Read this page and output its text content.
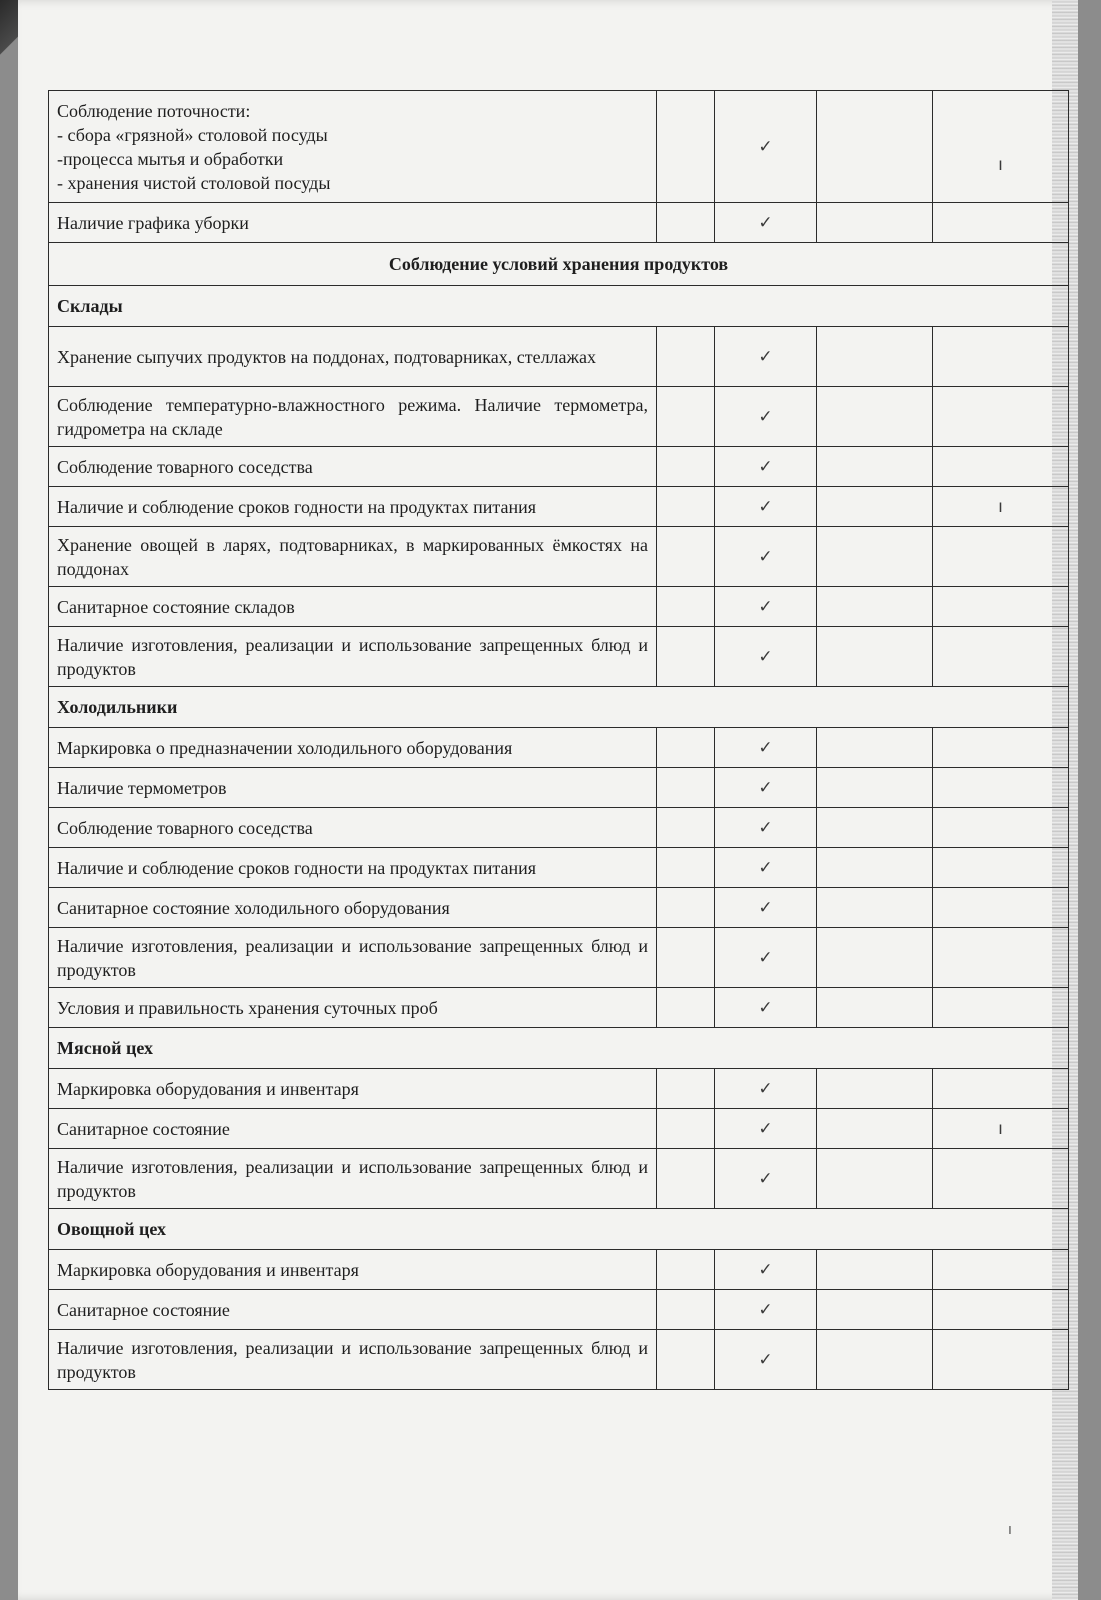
Соблюдение поточности:
- сбора «грязной» столовой посуды
-процесса мытья и обработки
- хранения чистой столовой посуды		✓		ı
Наличие графика уборки		✓		
Соблюдение условий хранения продуктов				
Склады				
Хранение сыпучих продуктов на поддонах, подтоварниках, стеллажах		✓		
Соблюдение температурно-влажностного режима. Наличие термометра, гидрометра на складе		✓		
Соблюдение товарного соседства		✓		
Наличие и соблюдение сроков годности на продуктах питания		✓		ı
Хранение овощей в ларях, подтоварниках, в маркированных ёмкостях на поддонах		✓		
Санитарное состояние складов		✓		
Наличие изготовления, реализации и использование запрещенных блюд и продуктов		✓		
Холодильники				
Маркировка о предназначении холодильного оборудования		✓		
Наличие термометров		✓		
Соблюдение товарного соседства		✓		
Наличие и соблюдение сроков годности на продуктах питания		✓		
Санитарное состояние холодильного оборудования		✓		
Наличие изготовления, реализации и использование запрещенных блюд и продуктов		✓		
Условия и правильность хранения суточных проб		✓		
Мясной цех				
Маркировка оборудования и инвентаря		✓		
Санитарное состояние		✓		ı
Наличие изготовления, реализации и использование запрещенных блюд и продуктов		✓		
Овощной цех				
Маркировка оборудования и инвентаря		✓		
Санитарное состояние		✓		
Наличие изготовления, реализации и использование запрещенных блюд и продуктов		✓		
ı
